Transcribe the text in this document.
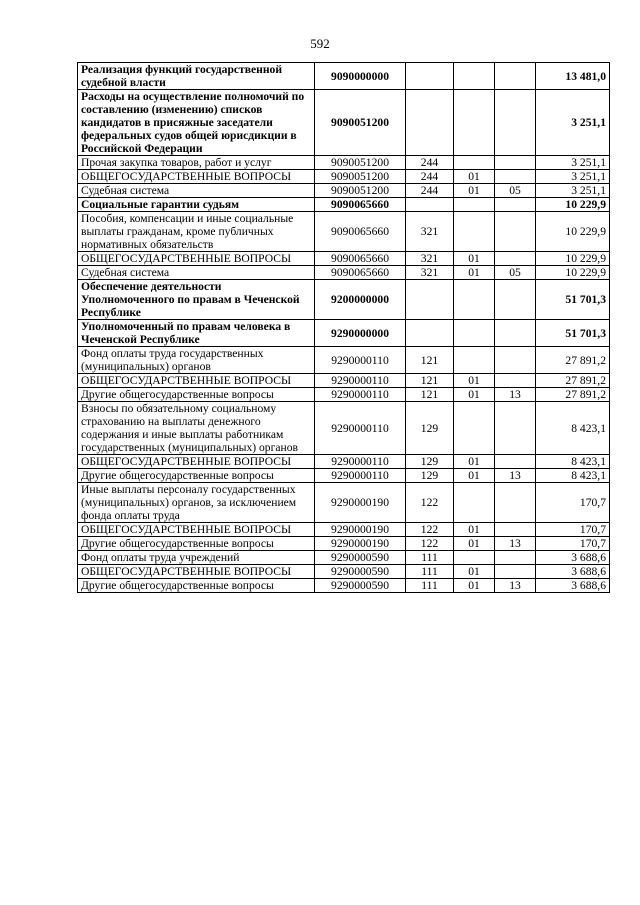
592
Реализация функций государственной судебной власти	9090000000				13 481,0
Расходы на осуществление полномочий по составлению (изменению) списков кандидатов в присяжные заседатели федеральных судов общей юрисдикции в Российской Федерации	9090051200				3 251,1
Прочая закупка товаров, работ и услуг	9090051200	244			3 251,1
ОБЩЕГОСУДАРСТВЕННЫЕ ВОПРОСЫ	9090051200	244	01		3 251,1
Судебная система	9090051200	244	01	05	3 251,1
Социальные гарантии судьям	9090065660				10 229,9
Пособия, компенсации и иные социальные выплаты гражданам, кроме публичных нормативных обязательств	9090065660	321			10 229,9
ОБЩЕГОСУДАРСТВЕННЫЕ ВОПРОСЫ	9090065660	321	01		10 229,9
Судебная система	9090065660	321	01	05	10 229,9
Обеспечение деятельности Уполномоченного по правам в Чеченской Республике	9200000000				51 701,3
Уполномоченный по правам человека в Чеченской Республике	9290000000				51 701,3
Фонд оплаты труда государственных (муниципальных) органов	9290000110	121			27 891,2
ОБЩЕГОСУДАРСТВЕННЫЕ ВОПРОСЫ	9290000110	121	01		27 891,2
Другие общегосударственные вопросы	9290000110	121	01	13	27 891,2
Взносы по обязательному социальному страхованию на выплаты денежного содержания и иные выплаты работникам государственных (муниципальных) органов	9290000110	129			8 423,1
ОБЩЕГОСУДАРСТВЕННЫЕ ВОПРОСЫ	9290000110	129	01		8 423,1
Другие общегосударственные вопросы	9290000110	129	01	13	8 423,1
Иные выплаты персоналу государственных (муниципальных) органов, за исключением фонда оплаты труда	9290000190	122			170,7
ОБЩЕГОСУДАРСТВЕННЫЕ ВОПРОСЫ	9290000190	122	01		170,7
Другие общегосударственные вопросы	9290000190	122	01	13	170,7
Фонд оплаты труда учреждений	9290000590	111			3 688,6
ОБЩЕГОСУДАРСТВЕННЫЕ ВОПРОСЫ	9290000590	111	01		3 688,6
Другие общегосударственные вопросы	9290000590	111	01	13	3 688,6
